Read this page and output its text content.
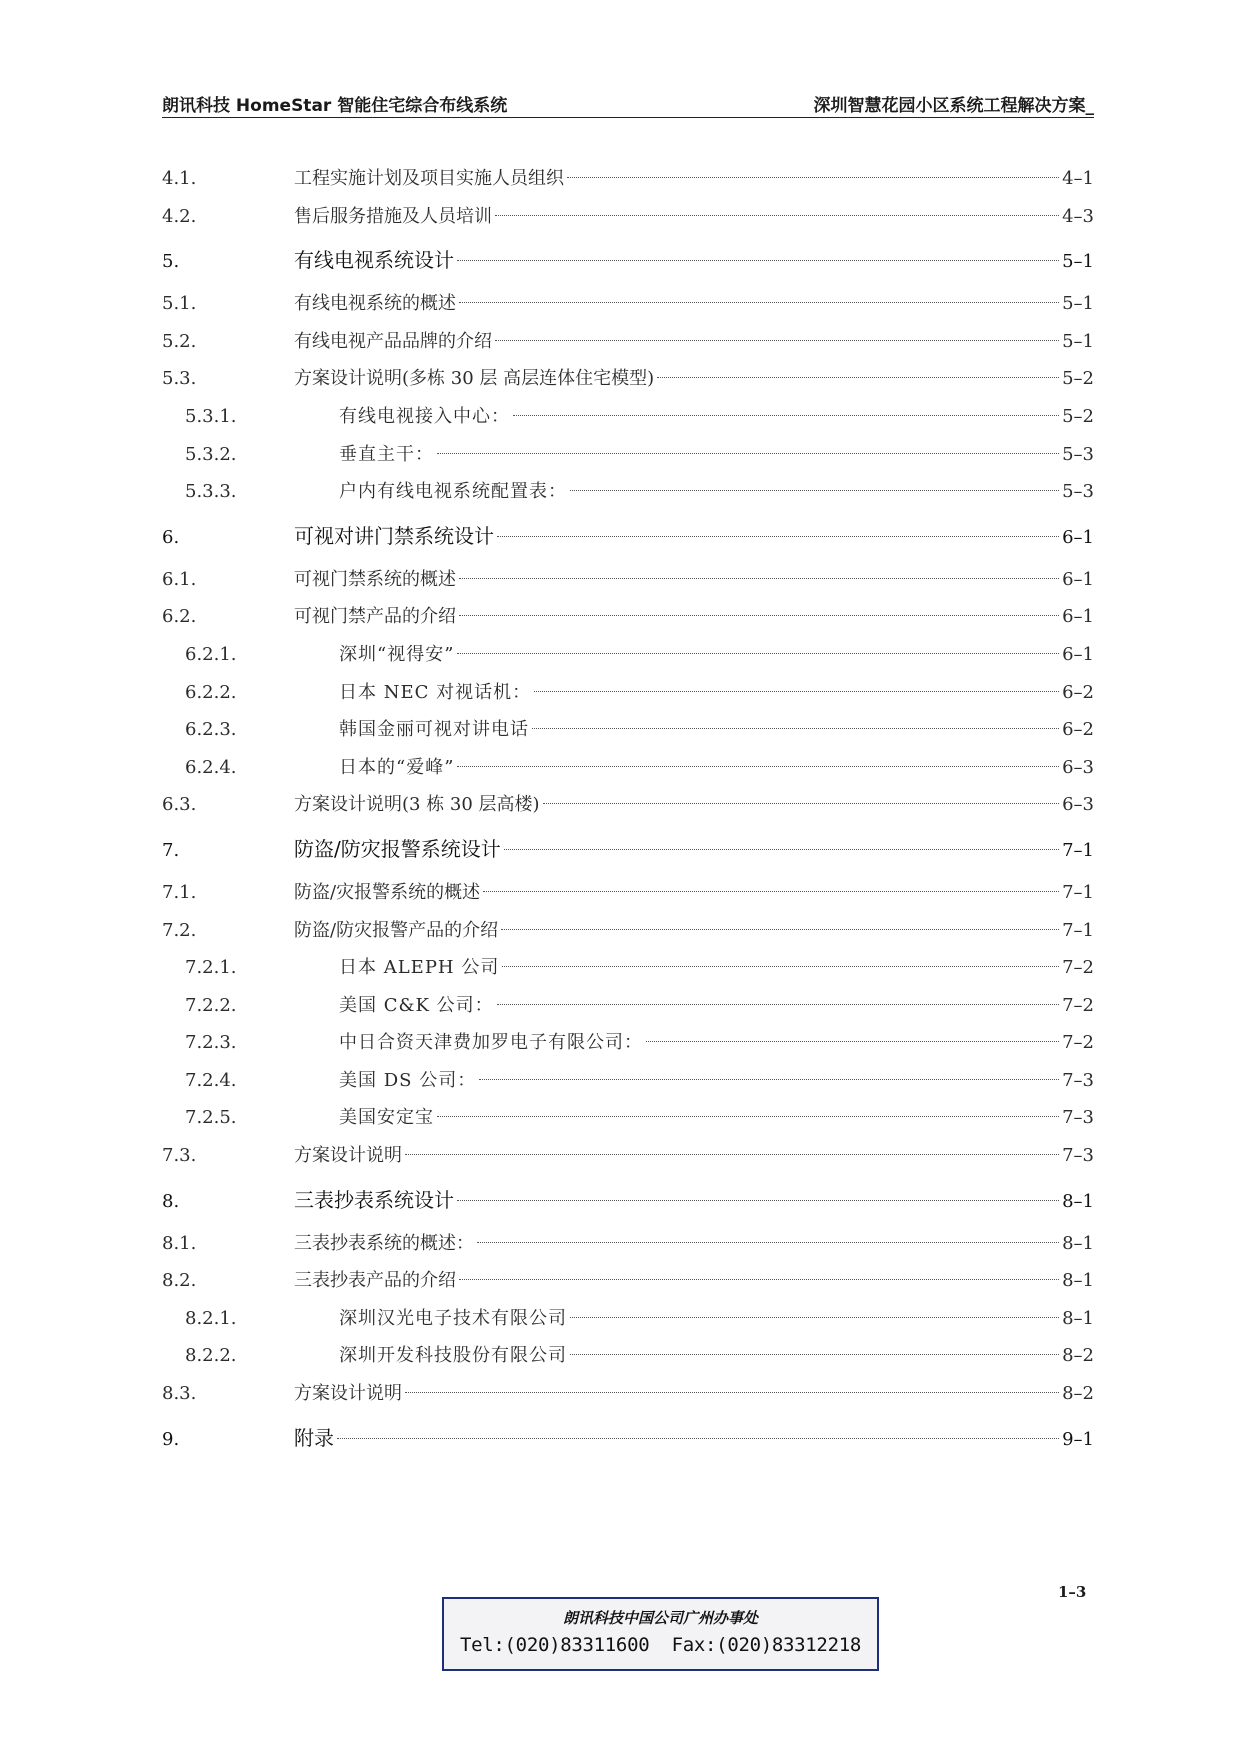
朗讯科技 HomeStar 智能住宅综合布线系统	深圳智慧花园小区系统工程解决方案_
4.1.	工程实施计划及项目实施人员组织	4–1
4.2.	售后服务措施及人员培训	4–3
5.	有线电视系统设计	5–1
5.1.	有线电视系统的概述	5–1
5.2.	有线电视产品品牌的介绍	5–1
5.3.	方案设计说明(多栋 30 层 高层连体住宅模型)	5–2
5.3.1.	有线电视接入中心：	5–2
5.3.2.	垂直主干：	5–3
5.3.3.	户内有线电视系统配置表：	5–3
6.	可视对讲门禁系统设计	6–1
6.1.	可视门禁系统的概述	6–1
6.2.	可视门禁产品的介绍	6–1
6.2.1.	深圳“视得安”	6–1
6.2.2.	日本 NEC 对视话机：	6–2
6.2.3.	韩国金丽可视对讲电话	6–2
6.2.4.	日本的“爱峰”	6–3
6.3.	方案设计说明(3 栋 30 层高楼)	6–3
7.	防盗/防灾报警系统设计	7–1
7.1.	防盗/灾报警系统的概述	7–1
7.2.	防盗/防灾报警产品的介绍	7–1
7.2.1.	日本 ALEPH 公司	7–2
7.2.2.	美国 C&K 公司：	7–2
7.2.3.	中日合资天津费加罗电子有限公司：	7–2
7.2.4.	美国 DS 公司：	7–3
7.2.5.	美国安定宝	7–3
7.3.	方案设计说明	7–3
8.	三表抄表系统设计	8–1
8.1.	三表抄表系统的概述：	8–1
8.2.	三表抄表产品的介绍	8–1
8.2.1.	深圳汉光电子技术有限公司	8–1
8.2.2.	深圳开发科技股份有限公司	8–2
8.3.	方案设计说明	8–2
9.	附录	9–1
1–3
朗讯科技中国公司广州办事处
Tel:(020)83311600  Fax:(020)83312218
